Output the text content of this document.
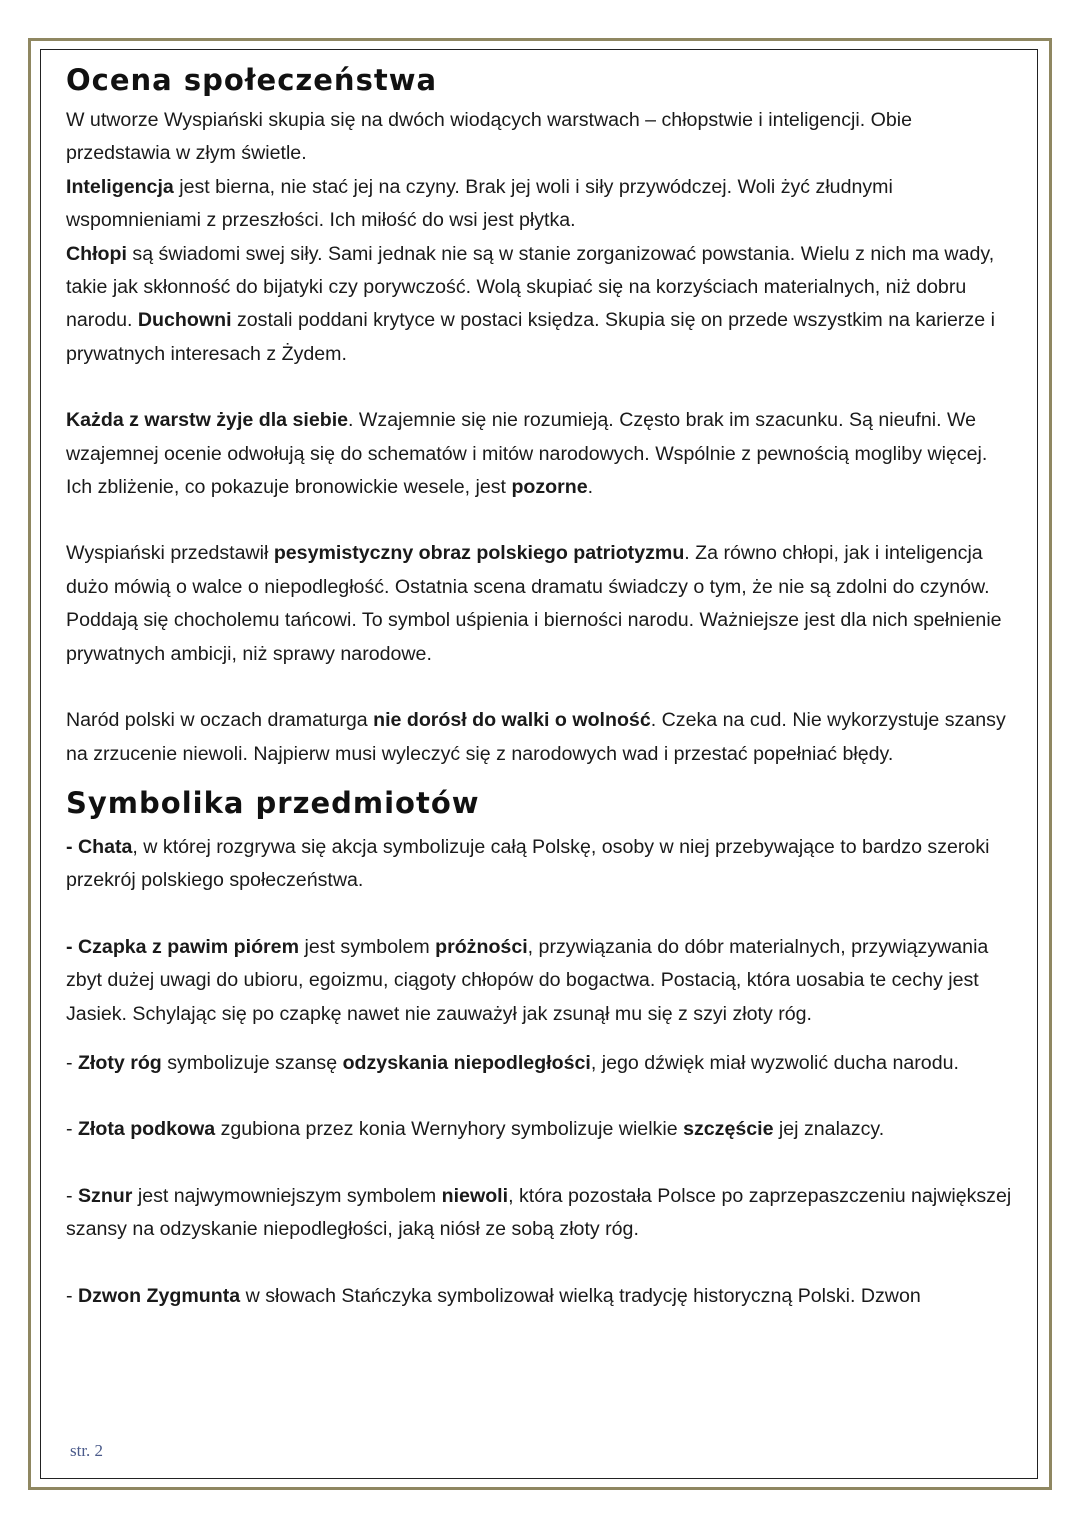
Ocena społeczeństwa

W utworze Wyspiański skupia się na dwóch wiodących warstwach – chłopstwie i inteligencji. Obie przedstawia w złym świetle.

Inteligencja jest bierna, nie stać jej na czyny. Brak jej woli i siły przywódczej. Woli żyć złudnymi wspomnieniami z przeszłości. Ich miłość do wsi jest płytka.

Chłopi są świadomi swej siły. Sami jednak nie są w stanie zorganizować powstania. Wielu z nich ma wady, takie jak skłonność do bijatyki czy porywczość. Wolą skupiać się na korzyściach materialnych, niż dobru narodu. Duchowni zostali poddani krytyce w postaci księdza. Skupia się on przede wszystkim na karierze i prywatnych interesach z Żydem.

Każda z warstw żyje dla siebie. Wzajemnie się nie rozumieją. Często brak im szacunku. Są nieufni. We wzajemnej ocenie odwołują się do schematów i mitów narodowych. Wspólnie z pewnością mogliby więcej. Ich zbliżenie, co pokazuje bronowickie wesele, jest pozorne.

Wyspiański przedstawił pesymistyczny obraz polskiego patriotyzmu. Za równo chłopi, jak i inteligencja dużo mówią o walce o niepodległość. Ostatnia scena dramatu świadczy o tym, że nie są zdolni do czynów. Poddają się chocholemu tańcowi. To symbol uśpienia i bierności narodu. Ważniejsze jest dla nich spełnienie prywatnych ambicji, niż sprawy narodowe.

Naród polski w oczach dramaturga nie dorósł do walki o wolność. Czeka na cud. Nie wykorzystuje szansy na zrzucenie niewoli. Najpierw musi wyleczyć się z narodowych wad i przestać popełniać błędy.

Symbolika przedmiotów

- Chata, w której rozgrywa się akcja symbolizuje całą Polskę, osoby w niej przebywające to bardzo szeroki przekrój polskiego społeczeństwa.

- Czapka z pawim piórem jest symbolem próżności, przywiązania do dóbr materialnych, przywiązywania zbyt dużej uwagi do ubioru, egoizmu, ciągoty chłopów do bogactwa. Postacią, która uosabia te cechy jest Jasiek. Schylając się po czapkę nawet nie zauważył jak zsunął mu się z szyi złoty róg.

- Złoty róg symbolizuje szansę odzyskania niepodległości, jego dźwięk miał wyzwolić ducha narodu.

- Złota podkowa zgubiona przez konia Wernyhory symbolizuje wielkie szczęście jej znalazcy.

- Sznur jest najwymowniejszym symbolem niewoli, która pozostała Polsce po zaprzepaszczeniu największej szansy na odzyskanie niepodległości, jaką niósł ze sobą złoty róg.

- Dzwon Zygmunta w słowach Stańczyka symbolizował wielką tradycję historyczną Polski. Dzwon

str. 2
